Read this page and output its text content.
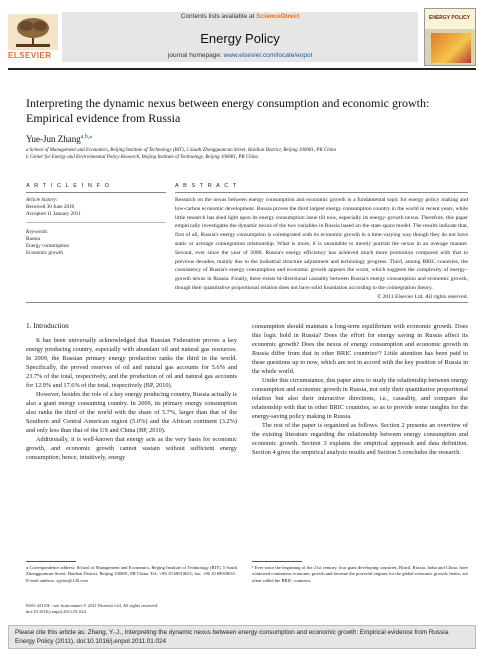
Contents lists available at ScienceDirect
Energy Policy
journal homepage: www.elsevier.com/locate/enpol
ELSEVIER
ENERGY POLICY
Interpreting the dynamic nexus between energy consumption and economic growth: Empirical evidence from Russia
Yue-Jun Zhang$^{a,b,⁎}$
a School of Management and Economics, Beijing Institute of Technology (BIT), 5 South Zhongguancun Street, Haidian District, Beijing 100081, PR China
b Center for Energy and Environmental Policy Research, Beijing Institute of Technology, Beijing 100081, PR China
A R T I C L E I N F O	A B S T R A C T
Article history:
Received 30 June 2010
Accepted 11 January 2011
Keywords:
Russia
Energy consumption
Economic growth
Research on the nexus between energy consumption and economic growth is a fundamental topic for energy policy making and low-carbon economic development. Russia proves the third largest energy consumption country in the world in recent years, while little research has shed light upon its energy consumption issue till now, especially its energy–growth nexus. Therefore, this paper empirically investigates the dynamic nexus of the two variables in Russia based on the state space model. The results indicate that, first of all, Russia's energy consumption is cointegrated with its economic growth in a time-varying way though they do not have static or average cointegration relationship. What is more, it is unsuitable to merely portrait the nexus in an average manner. Second, ever since the year of 2000, Russia's energy efficiency has achieved much more promotion compared with that in previous decades, mainly due to the industrial structure adjustment and technology progress. Third, among BRIC countries, the consistency of Russia's energy consumption and economic growth appears the worst, which suggests the complexity of energy–growth nexus in Russia. Finally, there exists bi-directional causality between Russia's energy consumption and economic growth, though their quantitative proportional relation does not have solid foundation according to the cointegration theory.
© 2011 Elsevier Ltd. All rights reserved.
1. Introduction

It has been universally acknowledged that Russian Federation proves a key energy producing country, especially with abundant oil and natural gas resources. In 2009, the Russian primary energy production ranks the third in the world. Specifically, the proved reserves of oil and natural gas accounts for 5.6% and 23.7% of the total, respectively, and the production of oil and natural gas accounts for 12.9% and 17.6% of the total, respectively (BP, 2010).

However, besides the role of a key energy producing country, Russia actually is also a giant energy consuming country. In 2009, its primary energy consumption also ranks the third of the world with the share of 5.7%, larger than that of the Southern and Central American region (5.0%) and the African continent (3.2%) and only less than that of the US and China (BP, 2010).

Additionally, it is well-known that energy acts as the very basis for economic growth, and economic growth cannot sustain without sufficient energy consumption; hence, intuitively, energy

consumption should maintain a long-term equilibrium with economic growth. Does this logic hold in Russia? Does the effort for energy saving in Russia affect its economic growth? Does the nexus of energy consumption and economic growth in Russia differ from that in other BRIC countries¹? Little attention has been paid to these questions up to now, which are not in accord with the key position of Russia in the whole world.

Under this circumstance, this paper aims to study the relationship between energy consumption and economic growth in Russia, not only their quantitative proportional relation but also their interactive directions, i.e., causality, and compare the relationship with that in other BRIC countries, so as to provide some insights for the energy-saving policy making in Russia.

The rest of the paper is organized as follows. Section 2 presents an overview of the existing literature regarding the relationship between energy consumption and economic growth. Section 3 explains the empirical approach and data definition. Section 4 gives the empirical analysis results and Section 5 concludes the research.

⁎ Correspondence address: School of Management and Economics, Beijing Institute of Technology (BIT), 5 South Zhongguancun Street, Haidian District, Beijing 100081, PR China. Tel.: +86 10 68918651; fax: +86 10 68918651.
E-mail address: zyjmis@126.com
0301-4215/$ - see front matter © 2011 Elsevier Ltd. All rights reserved.
doi:10.1016/j.enpol.2011.01.024
¹ Ever since the beginning of the 21st century, four giant developing countries, Brazil, Russia, India and China, have witnessed continuous economic growth and become the powerful engines for the global economic growth; hence, are often called the BRIC countries.
Please cite this article as: Zhang, Y.-J., Interpreting the dynamic nexus between energy consumption and economic growth: Empirical evidence from Russia. Energy Policy (2011), doi:10.1016/j.enpol.2011.01.024
